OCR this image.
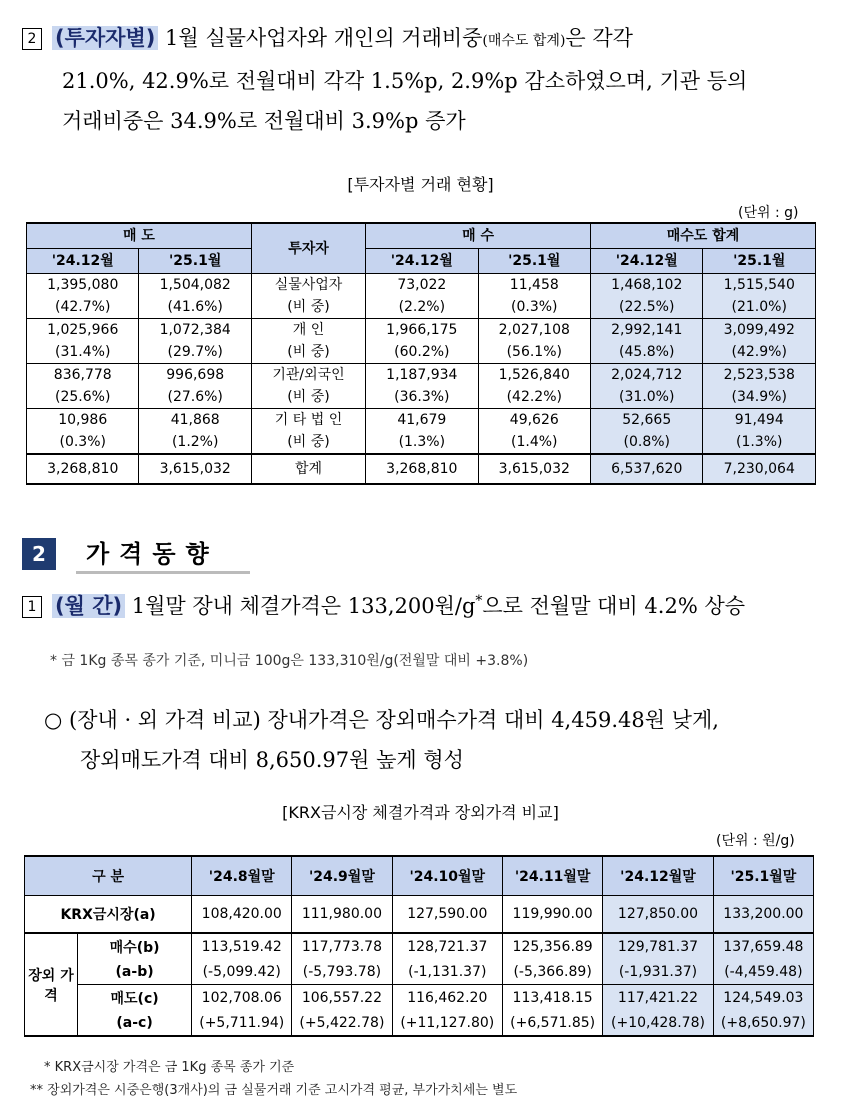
2 (투자자별) 1월 실물사업자와 개인의 거래비중(매수도 합계)은 각각
21.0%, 42.9%로 전월대비 각각 1.5%p, 2.9%p 감소하였으며, 기관 등의
거래비중은 34.9%로 전월대비 3.9%p 증가
[투자자별 거래 현황]
(단위 : g)
매 도		투자자	매 수		매수도 합계	
'24.12월	'25.1월		'24.12월	'25.1월	'24.12월	'25.1월
1,395,080	1,504,082	실물사업자	73,022	11,458	1,468,102	1,515,540
(42.7%)	(41.6%)	(비 중)	(2.2%)	(0.3%)	(22.5%)	(21.0%)
1,025,966	1,072,384	개 인	1,966,175	2,027,108	2,992,141	3,099,492
(31.4%)	(29.7%)	(비 중)	(60.2%)	(56.1%)	(45.8%)	(42.9%)
836,778	996,698	기관/외국인	1,187,934	1,526,840	2,024,712	2,523,538
(25.6%)	(27.6%)	(비 중)	(36.3%)	(42.2%)	(31.0%)	(34.9%)
10,986	41,868	기 타 법 인	41,679	49,626	52,665	91,494
(0.3%)	(1.2%)	(비 중)	(1.3%)	(1.4%)	(0.8%)	(1.3%)
3,268,810	3,615,032	합계	3,268,810	3,615,032	6,537,620	7,230,064
2 가격동향
1 (월 간) 1월말 장내 체결가격은 133,200원/g*으로 전월말 대비 4.2% 상승
* 금 1Kg 종목 종가 기준, 미니금 100g은 133,310원/g(전월말 대비 +3.8%)
○ (장내 · 외 가격 비교) 장내가격은 장외매수가격 대비 4,459.48원 낮게,
장외매도가격 대비 8,650.97원 높게 형성
[KRX금시장 체결가격과 장외가격 비교]
(단위 : 원/g)
구 분		'24.8월말	'24.9월말	'24.10월말	'24.11월말	'24.12월말	'25.1월말
KRX금시장(a)		108,420.00	111,980.00	127,590.00	119,990.00	127,850.00	133,200.00
장외 가격	매수(b)	113,519.42	117,773.78	128,721.37	125,356.89	129,781.37	137,659.48
	(a-b)	(-5,099.42)	(-5,793.78)	(-1,131.37)	(-5,366.89)	(-1,931.37)	(-4,459.48)
	매도(c)	102,708.06	106,557.22	116,462.20	113,418.15	117,421.22	124,549.03
	(a-c)	(+5,711.94)	(+5,422.78)	(+11,127.80)	(+6,571.85)	(+10,428.78)	(+8,650.97)
* KRX금시장 가격은 금 1Kg 종목 종가 기준
** 장외가격은 시중은행(3개사)의 금 실물거래 기준 고시가격 평균, 부가가치세는 별도
